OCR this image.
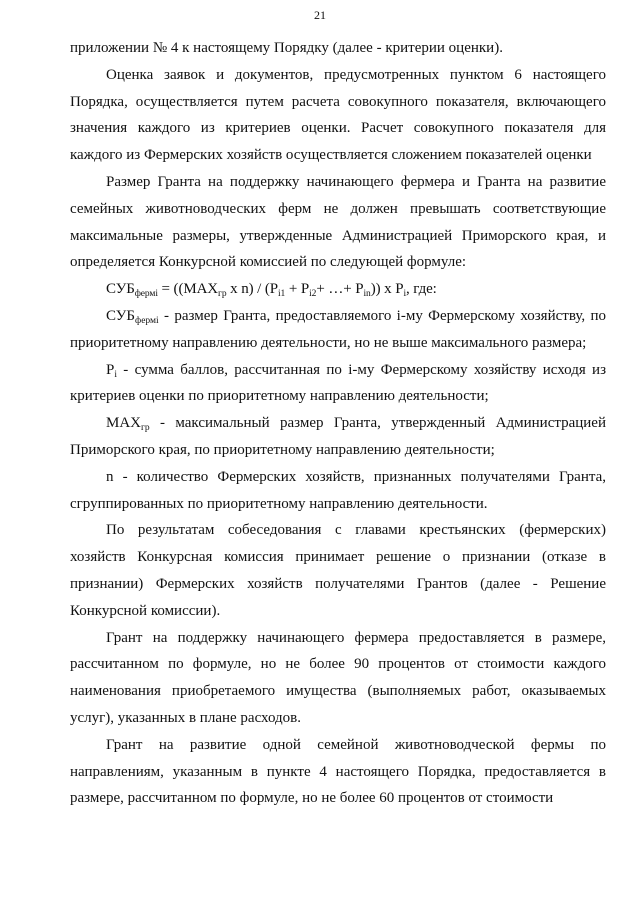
21

приложении № 4 к настоящему Порядку (далее - критерии оценки).

Оценка заявок и документов, предусмотренных пунктом 6 настоящего Порядка, осуществляется путем расчета совокупного показателя, включающего значения каждого из критериев оценки. Расчет совокупного показателя для каждого из Фермерских хозяйств осуществляется сложением показателей оценки

Размер Гранта на поддержку начинающего фермера и Гранта на развитие семейных животноводческих ферм не должен превышать соответствующие максимальные размеры, утвержденные Администрацией Приморского края, и определяется Конкурсной комиссией по следующей формуле:

$СУБ_{фермi} = ((МАХ_{гр}$ х $n) / (P_{i1} + P_{i2}+$ …+ $P_{in}$)) х $P_i$, где:

$СУБ_{фермi}$ - размер Гранта, предоставляемого i-му Фермерскому хозяйству, по приоритетному направлению деятельности, но не выше максимального размера;

$P_i$ - сумма баллов, рассчитанная по i-му Фермерскому хозяйству исходя из критериев оценки по приоритетному направлению деятельности;

$МАХ_{гр}$ - максимальный размер Гранта, утвержденный Администрацией Приморского края, по приоритетному направлению деятельности;

n - количество Фермерских хозяйств, признанных получателями Гранта, сгруппированных по приоритетному направлению деятельности.

По результатам собеседования с главами крестьянских (фермерских) хозяйств Конкурсная комиссия принимает решение о признании (отказе в признании) Фермерских хозяйств получателями Грантов (далее - Решение Конкурсной комиссии).

Грант на поддержку начинающего фермера предоставляется в размере, рассчитанном по формуле, но не более 90 процентов от стоимости каждого наименования приобретаемого имущества (выполняемых работ, оказываемых услуг), указанных в плане расходов.

Грант на развитие одной семейной животноводческой фермы по направлениям, указанным в пункте 4 настоящего Порядка, предоставляется в размере, рассчитанном по формуле, но не более 60 процентов от стоимости
